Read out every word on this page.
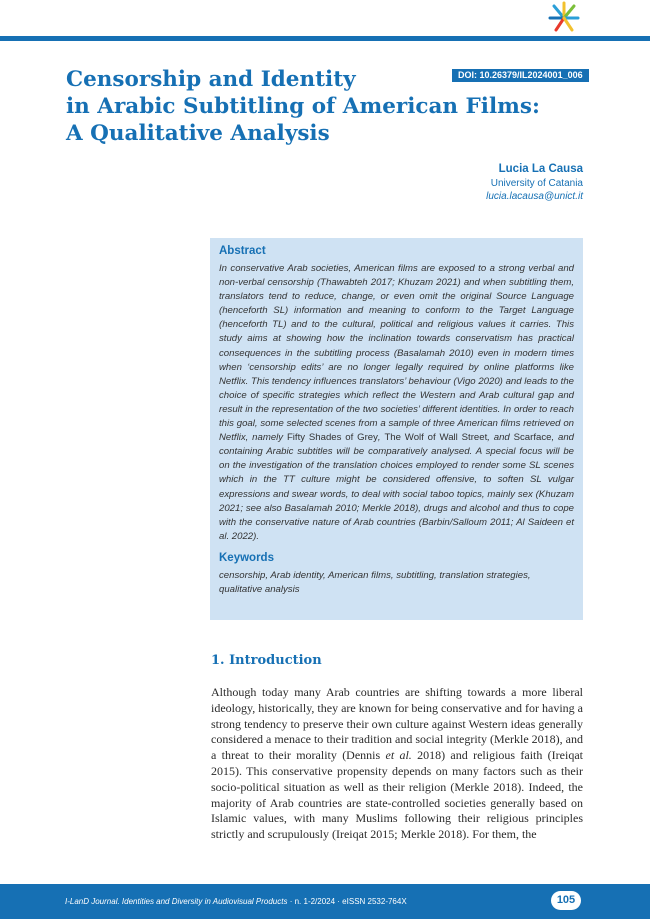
DOI: 10.26379/IL2024001_006
Censorship and Identity
in Arabic Subtitling of American Films:
A Qualitative Analysis
Lucia La Causa
University of Catania
lucia.lacausa@unict.it
Abstract

In conservative Arab societies, American films are exposed to a strong verbal and non-verbal censorship (Thawabteh 2017; Khuzam 2021) and when subtitling them, translators tend to reduce, change, or even omit the original Source Language (henceforth SL) information and meaning to conform to the Target Language (henceforth TL) and to the cultural, political and religious values it carries. This study aims at showing how the inclination towards conservatism has practical consequences in the subtitling process (Basalamah 2010) even in modern times when ‘censorship edits’ are no longer legally required by online platforms like Netflix. This tendency influences translators’ behaviour (Vigo 2020) and leads to the choice of specific strategies which reflect the Western and Arab cultural gap and result in the representation of the two societies’ different identities. In order to reach this goal, some selected scenes from a sample of three American films retrieved on Netflix, namely Fifty Shades of Grey, The Wolf of Wall Street, and Scarface, and containing Arabic subtitles will be comparatively analysed. A special focus will be on the investigation of the translation choices employed to render some SL scenes which in the TT culture might be considered offensive, to soften SL vulgar expressions and swear words, to deal with social taboo topics, mainly sex (Khuzam 2021; see also Basalamah 2010; Merkle 2018), drugs and alcohol and thus to cope with the conservative nature of Arab countries (Barbin/Salloum 2011; Al Saideen et al. 2022).

Keywords

censorship, Arab identity, American films, subtitling, translation strategies, qualitative analysis

1. Introduction

Although today many Arab countries are shifting towards a more liberal ideology, historically, they are known for being conservative and for having a strong tendency to preserve their own culture against Western ideas generally considered a menace to their tradition and social integrity (Merkle 2018), and a threat to their morality (Dennis et al. 2018) and religious faith (Ireiqat 2015). This conservative propensity depends on many factors such as their socio-political situation as well as their religion (Merkle 2018). Indeed, the majority of Arab countries are state-controlled societies generally based on Islamic values, with many Muslims following their religious principles strictly and scrupulously (Ireiqat 2015; Merkle 2018). For them, the

I-LanD Journal. Identities and Diversity in Audiovisual Products · n. 1-2/2024 · eISSN 2532-764X	105
